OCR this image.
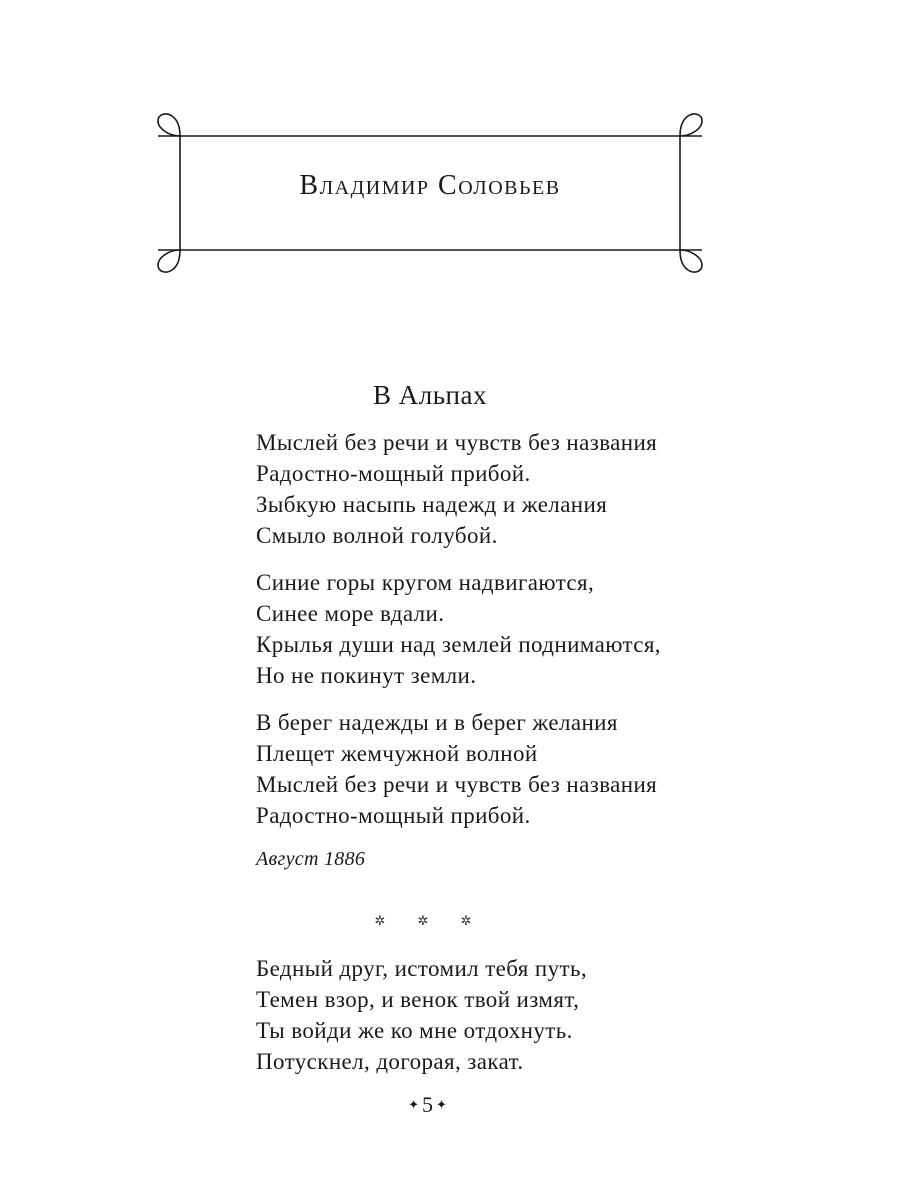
Владимир Соловьев
В Альпах
Мыслей без речи и чувств без названия
Радостно-мощный прибой.
Зыбкую насыпь надежд и желания
Смыло волной голубой.
Синие горы кругом надвигаются,
Синее море вдали.
Крылья души над землей поднимаются,
Но не покинут земли.
В берег надежды и в берег желания
Плещет жемчужной волной
Мыслей без речи и чувств без названия
Радостно-мощный прибой.
Август 1886
✲ ✲ ✲
Бедный друг, истомил тебя путь,
Темен взор, и венок твой измят,
Ты войди же ко мне отдохнуть.
Потускнел, догорая, закат.
✦ 5 ✦
